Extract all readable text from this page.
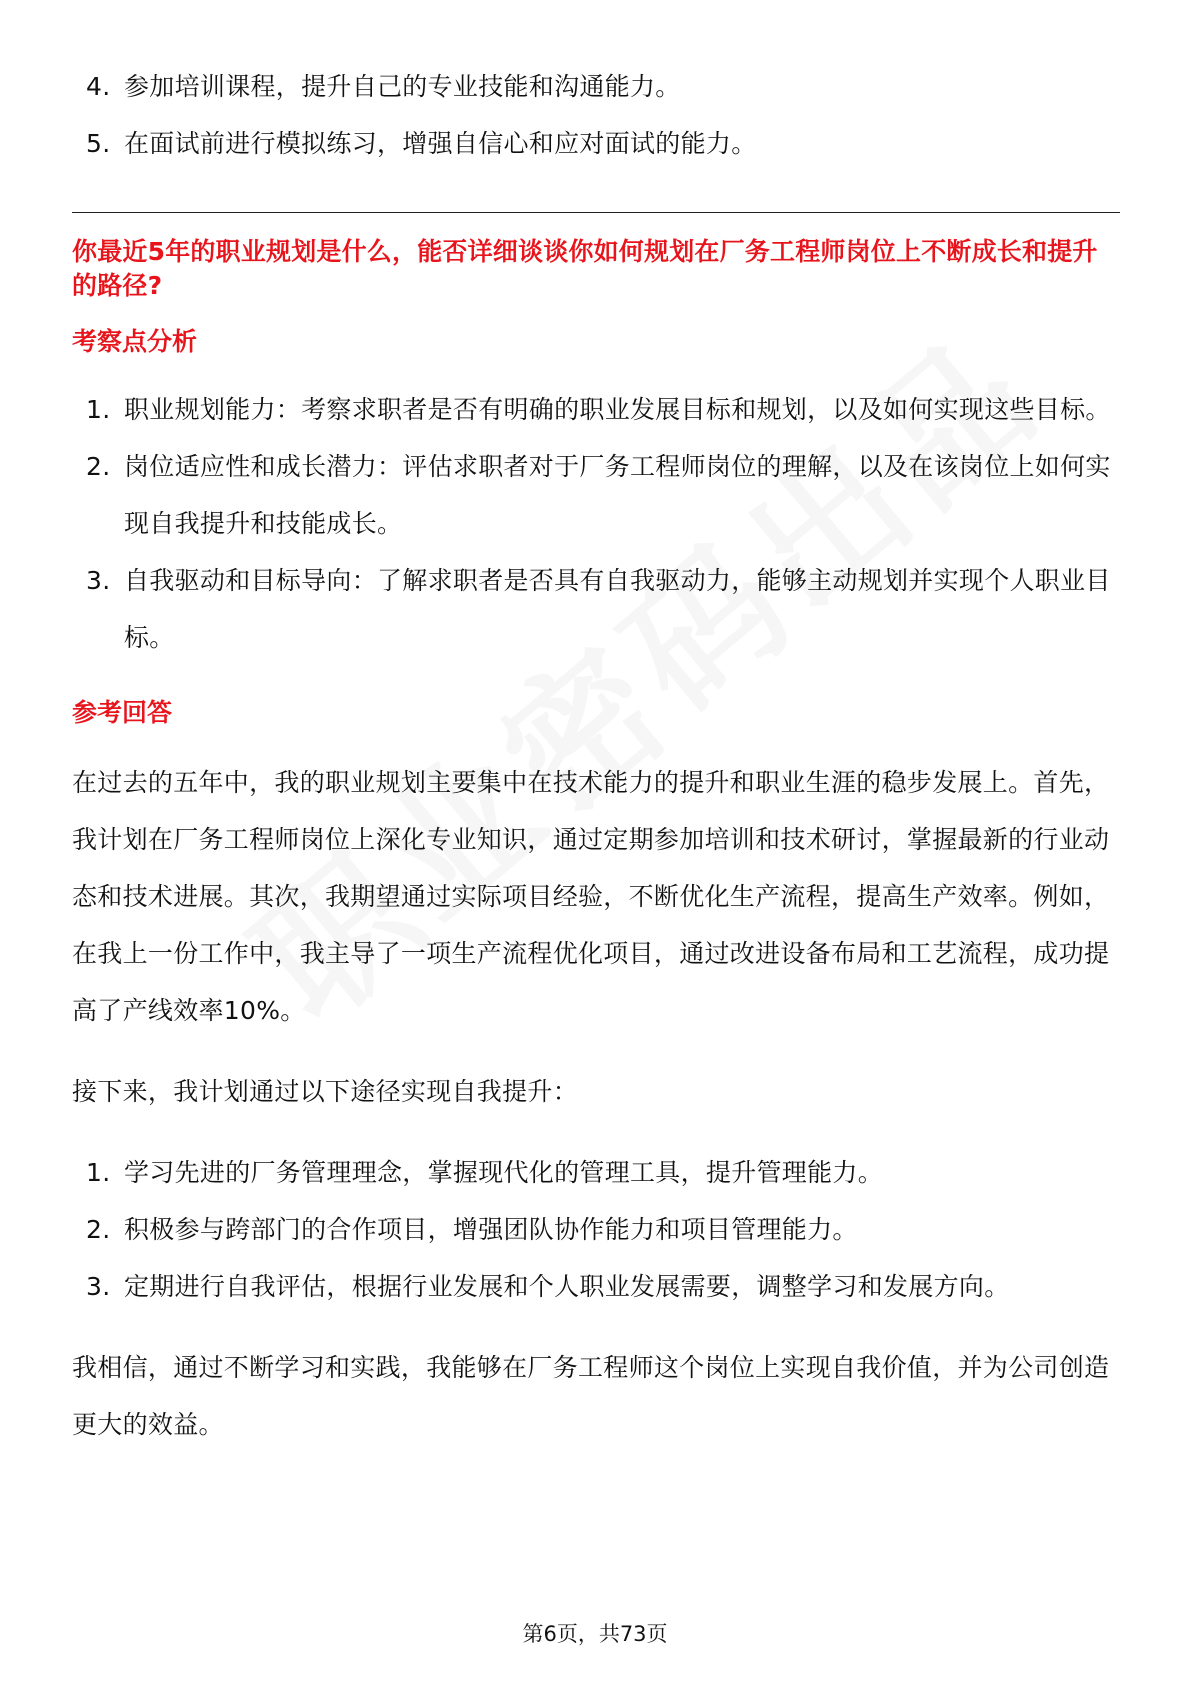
4. 参加培训课程，提升自己的专业技能和沟通能力。
5. 在面试前进行模拟练习，增强自信心和应对面试的能力。

你最近5年的职业规划是什么，能否详细谈谈你如何规划在厂务工程师岗位上不断成长和提升的路径?

考察点分析

1. 职业规划能力：考察求职者是否有明确的职业发展目标和规划，以及如何实现这些目标。
2. 岗位适应性和成长潜力：评估求职者对于厂务工程师岗位的理解，以及在该岗位上如何实现自我提升和技能成长。
3. 自我驱动和目标导向：了解求职者是否具有自我驱动力，能够主动规划并实现个人职业目标。

参考回答

在过去的五年中，我的职业规划主要集中在技术能力的提升和职业生涯的稳步发展上。首先，我计划在厂务工程师岗位上深化专业知识，通过定期参加培训和技术研讨，掌握最新的行业动态和技术进展。其次，我期望通过实际项目经验，不断优化生产流程，提高生产效率。例如，在我上一份工作中，我主导了一项生产流程优化项目，通过改进设备布局和工艺流程，成功提高了产线效率10%。

接下来，我计划通过以下途径实现自我提升：

1. 学习先进的厂务管理理念，掌握现代化的管理工具，提升管理能力。
2. 积极参与跨部门的合作项目，增强团队协作能力和项目管理能力。
3. 定期进行自我评估，根据行业发展和个人职业发展需要，调整学习和发展方向。

我相信，通过不断学习和实践，我能够在厂务工程师这个岗位上实现自我价值，并为公司创造更大的效益。

第6页，共73页
